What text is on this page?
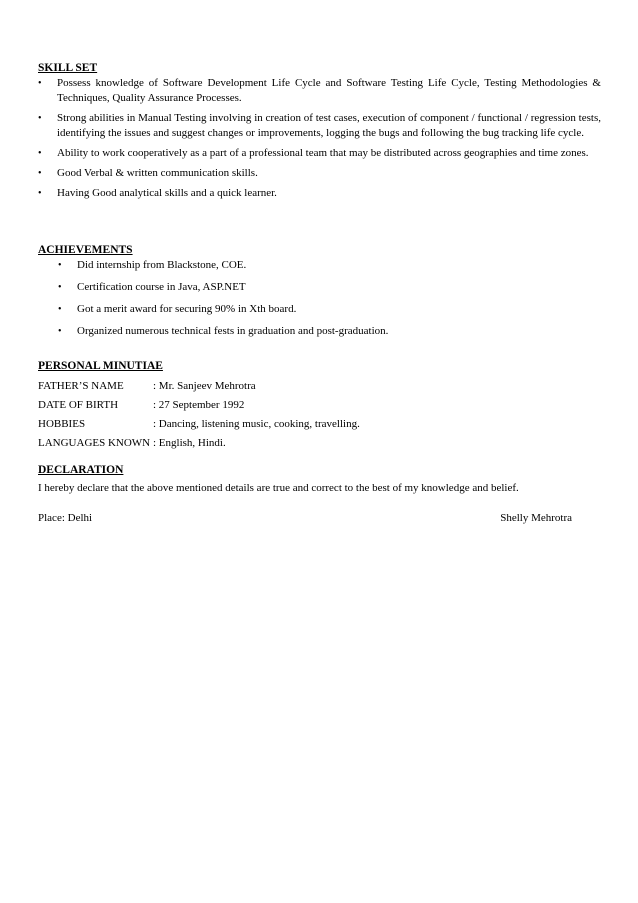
SKILL SET

• Possess knowledge of Software Development Life Cycle and Software Testing Life Cycle, Testing Methodologies & Techniques, Quality Assurance Processes.
• Strong abilities in Manual Testing involving in creation of test cases, execution of component / functional / regression tests, identifying the issues and suggest changes or improvements, logging the bugs and following the bug tracking life cycle.
• Ability to work cooperatively as a part of a professional team that may be distributed across geographies and time zones.
• Good Verbal & written communication skills.
• Having Good analytical skills and a quick learner.

ACHIEVEMENTS

• Did internship from Blackstone, COE.
• Certification course in Java, ASP.NET
• Got a merit award for securing 90% in Xth board.
• Organized numerous technical fests in graduation and post-graduation.

PERSONAL MINUTIAE

FATHER’S NAME	: Mr. Sanjeev Mehrotra
DATE OF BIRTH	: 27 September 1992
HOBBIES	: Dancing, listening music, cooking, travelling.
LANGUAGES KNOWN	: English, Hindi.

DECLARATION

I hereby declare that the above mentioned details are true and correct to the best of my knowledge and belief.
Place: Delhi	Shelly Mehrotra
